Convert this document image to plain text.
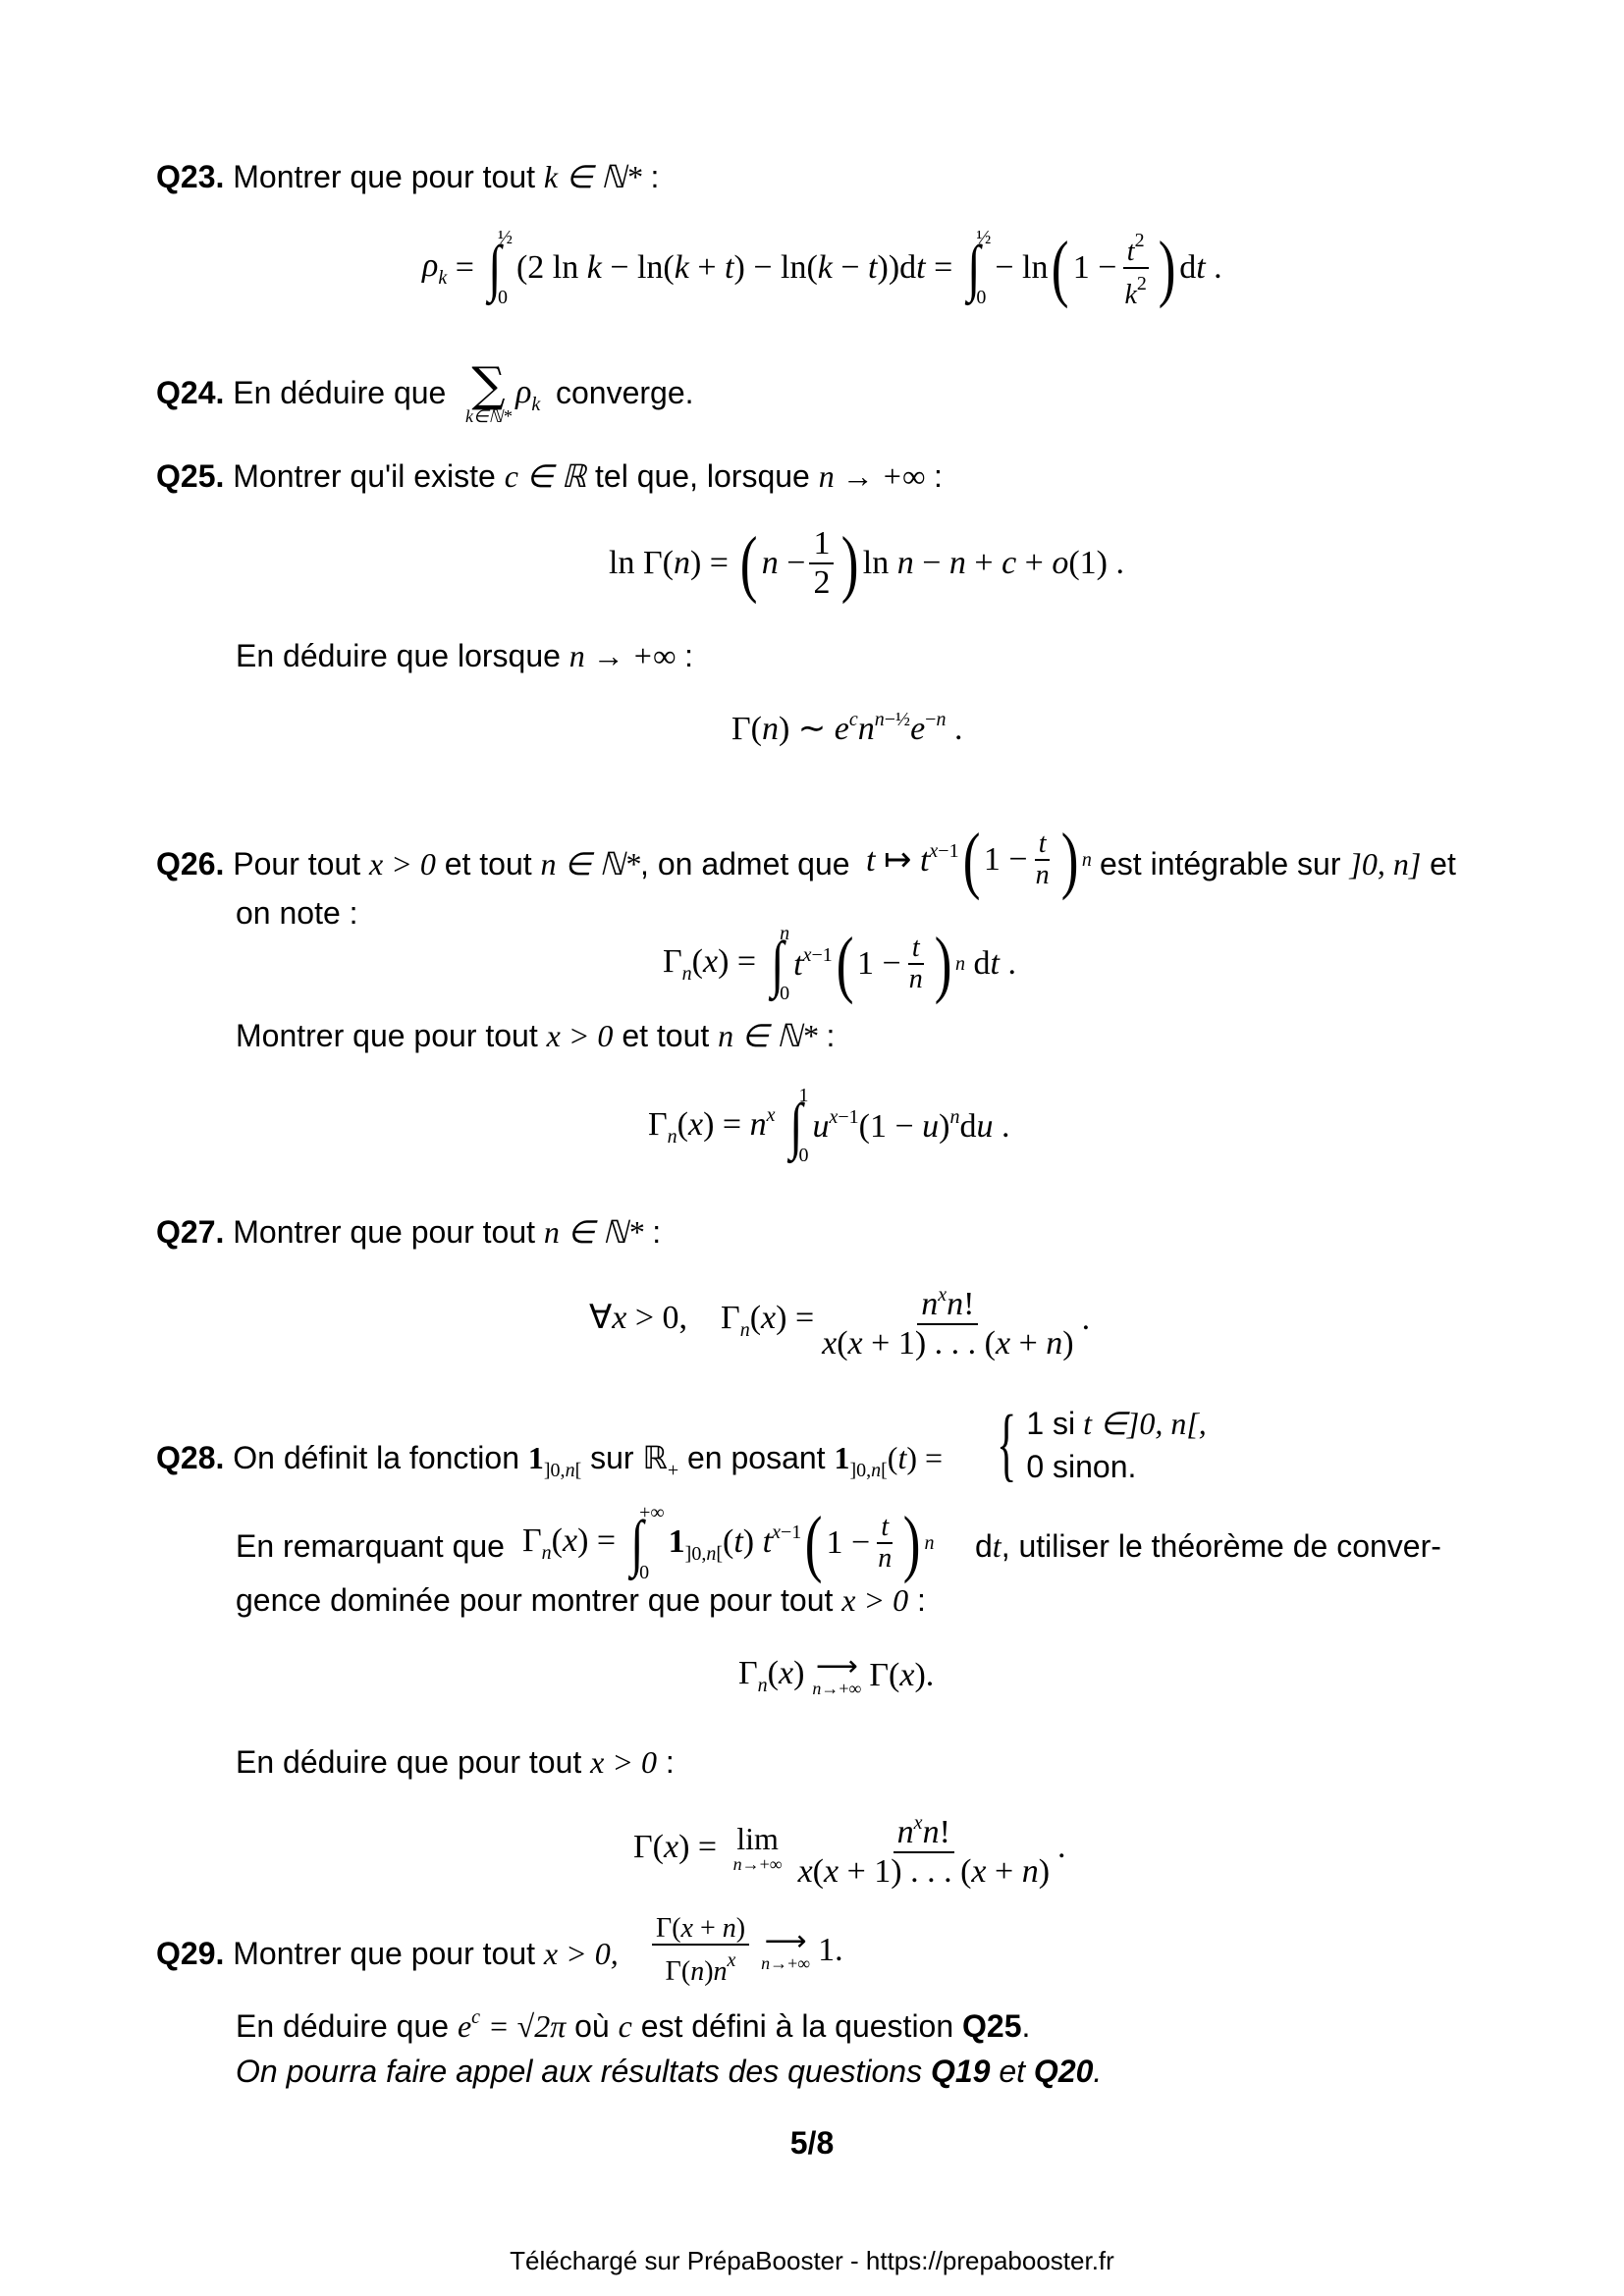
Q23. Montrer que pour tout k ∈ ℕ* :
$\rho_k$ = ∫
½
0
(2 ln k − ln(k + t) − ln(k − t))dt = ∫
½
0
− ln ( $1 - \frac{t^2}{k^2}$ ) dt .
Q24. En déduire que ∑
k∈ℕ*
$\rho_k$ converge.
Q25. Montrer qu'il existe c ∈ ℝ tel que, lorsque n → +∞ :
ln Γ(n) = ( $n - \frac{1}{2}$ ) ln n − n + c + o(1) .
En déduire que lorsque n → +∞ :
Γ(n) ∼ $e^cn^{n-\frac{1}{2}}e^{-n}$ .
Q26. Pour tout x > 0 et tout n ∈ ℕ*, on admet que t ↦ $t^{x-1}$ ( $1 - \frac{t}{n}$ ) n est intégrable sur ]0, n] et
on note :
$\Gamma_n(x)$ = ∫
n
0
$t^{x-1}$ ( $1 - \frac{t}{n}$ ) n dt .
Montrer que pour tout x > 0 et tout n ∈ ℕ* :
$\Gamma_n(x) = n^x$ ∫
1
0
$u^{x-1}(1 - u)^ndu$ .
Q27. Montrer que pour tout n ∈ ℕ* :
∀x > 0,    $\Gamma_n(x) = \frac{n^xn!}{x(x + 1) . . . (x + n)}$ .
Q28. On définit la fonction $1_{]0,n[}$ sur ℝ$_+$ en posant $1_{]0,n[}(t)$ = { 1 si t ∈]0, n[,
0 sinon.
En remarquant que $\Gamma_n(x)$ = ∫
+∞
0
$1_{]0,n[}(t)$ $t^{x-1}$ ( $1 - \frac{t}{n}$ ) n dt, utiliser le théorème de conver-
gence dominée pour montrer que pour tout x > 0 :
$\Gamma_n(x)$ ⟶
n→+∞ Γ(x).
En déduire que pour tout x > 0 :
Γ(x) = lim
$n\to+\infty \frac{n^xn!}{x(x + 1) . . . (x + n)}$ .
Q29. Montrer que pour tout x > 0, $\frac{\Gamma(x + n)}{\Gamma(n)n^x}$ ⟶
n→+∞ 1.
En déduire que $e^c = √2\pi$ où c est défini à la question Q25.
On pourra faire appel aux résultats des questions Q19 et Q20.
5/8
Téléchargé sur PrépaBooster - https://prepabooster.fr
